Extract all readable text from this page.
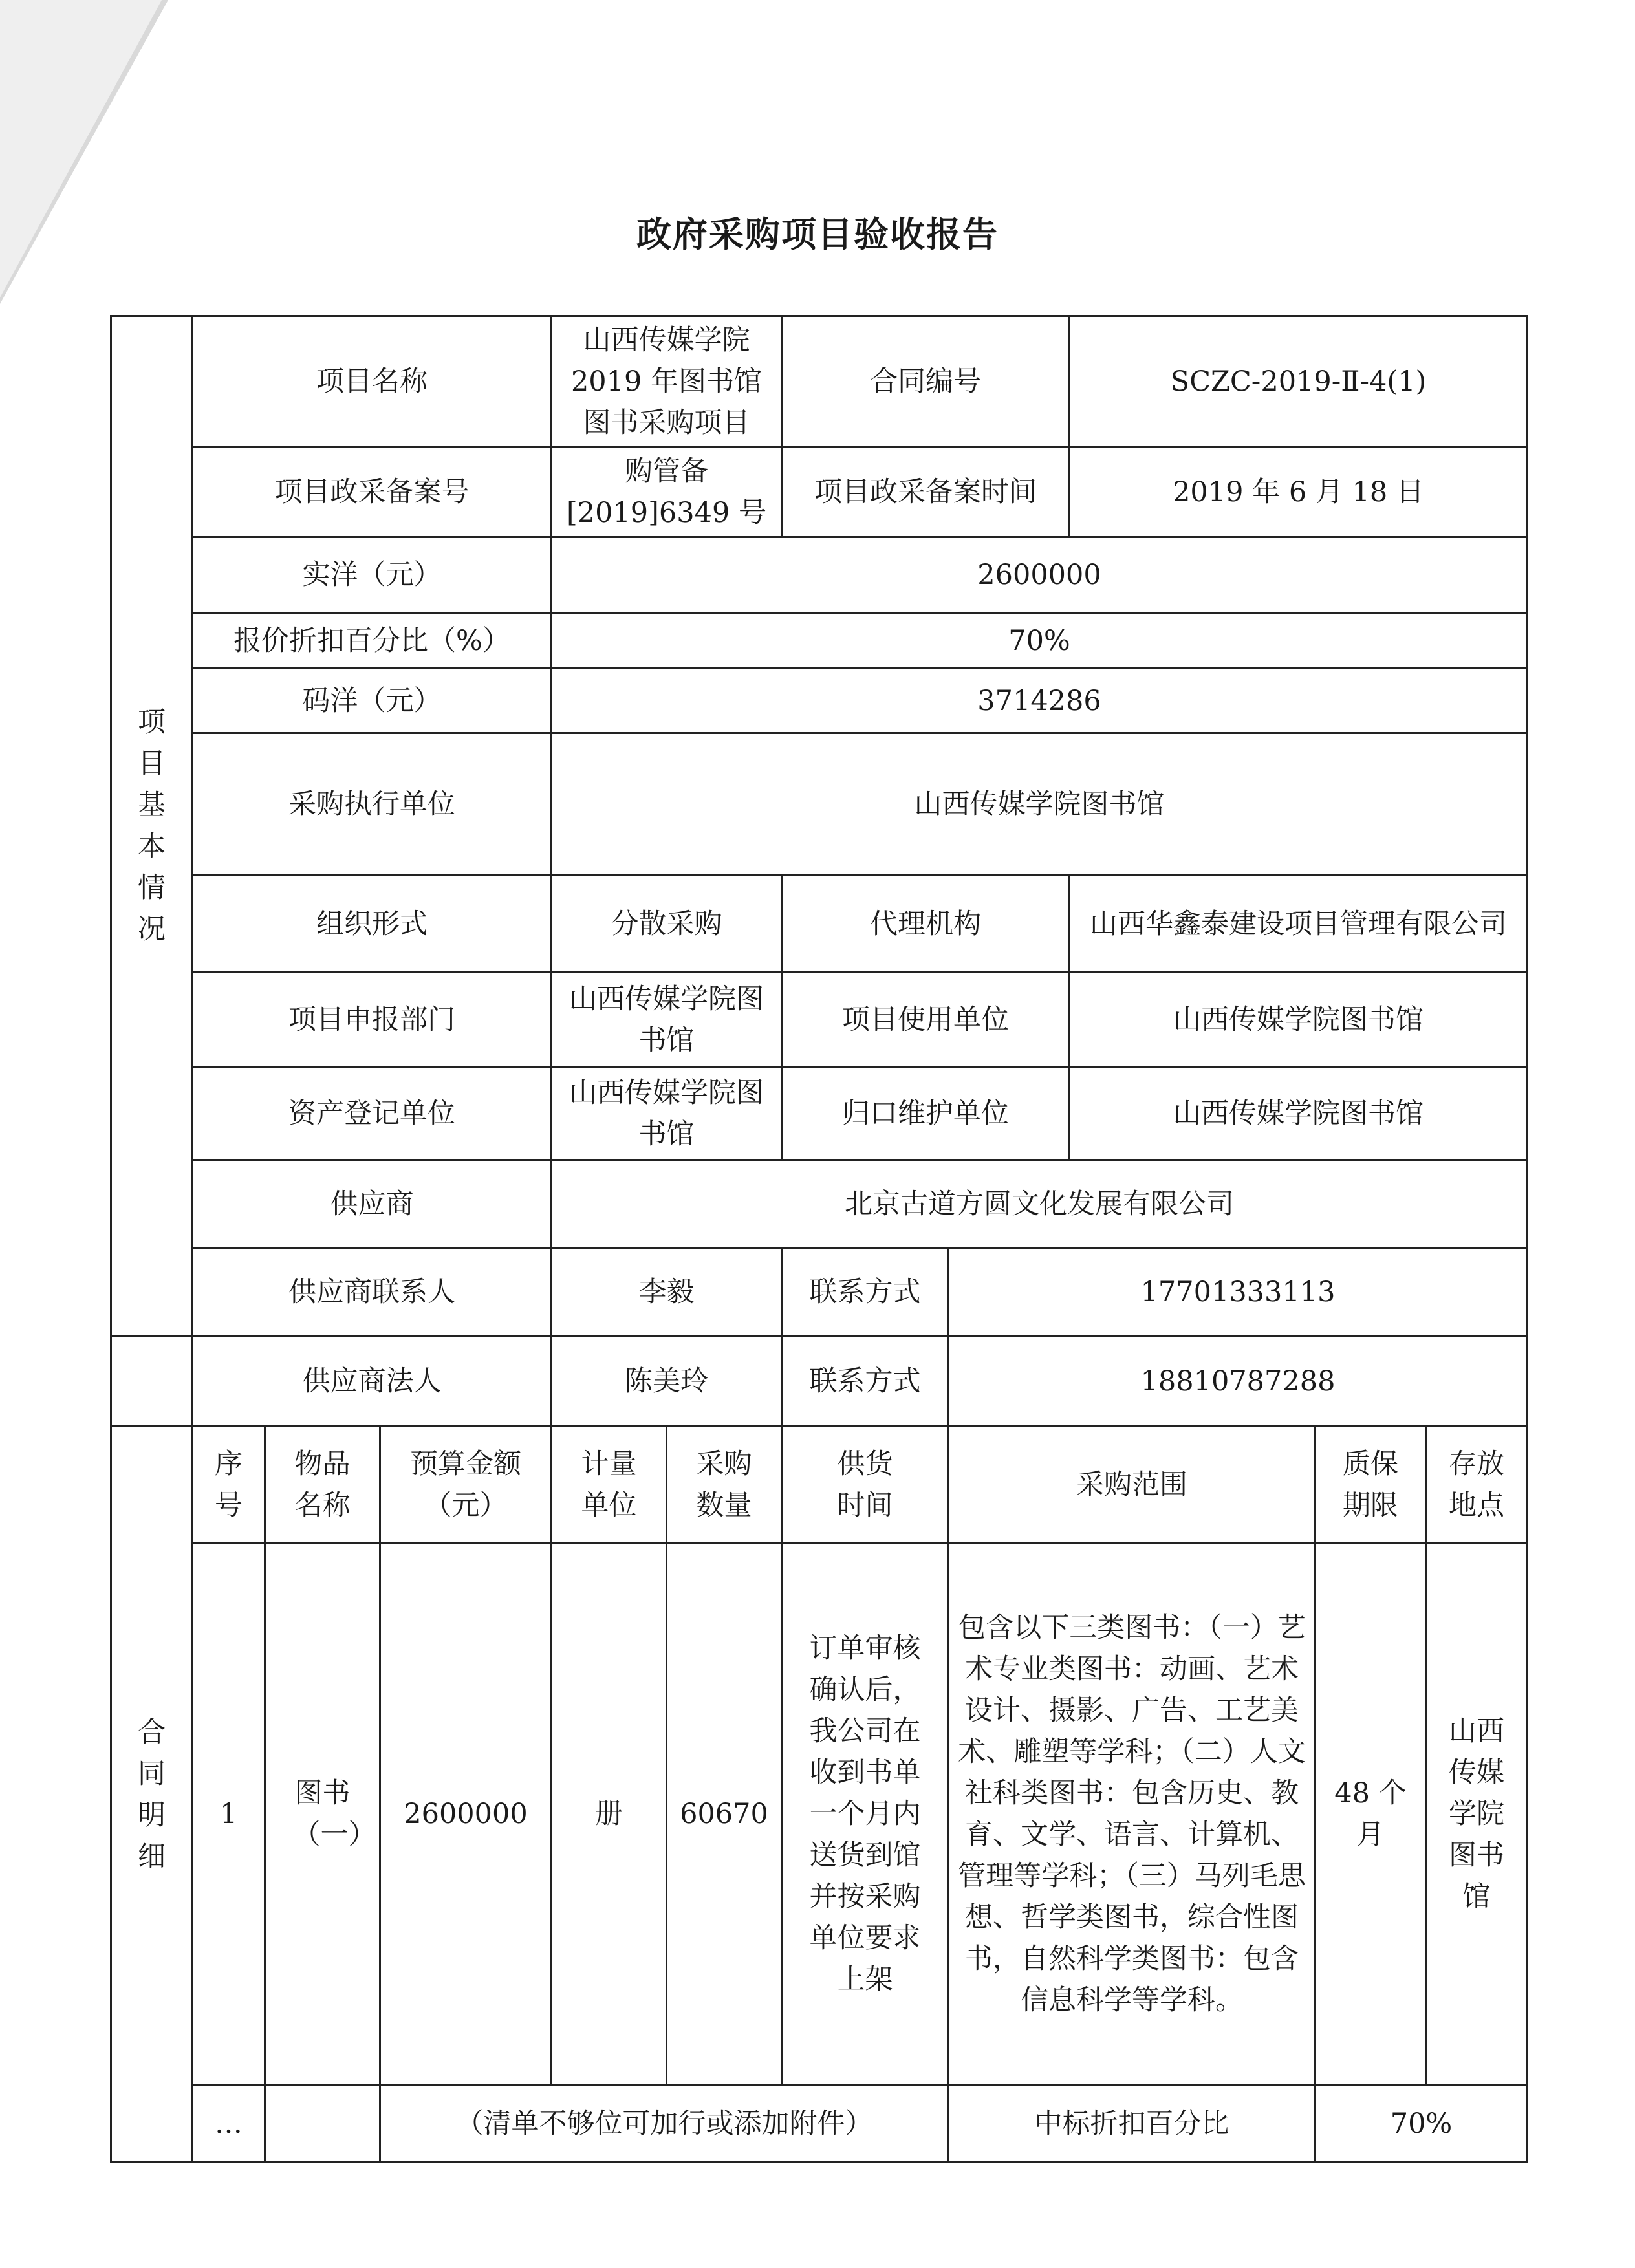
政府采购项目验收报告
项目基本情况	项目名称			山西传媒学院 2019 年图书馆图书采购项目		合同编号		SCZC-2019-Ⅱ-4(1)		
	项目政采备案号			购管备[2019]6349 号		项目政采备案时间		2019 年 6 月 18 日		
	实洋（元）			2600000						
	报价折扣百分比（%）			70%						
	码洋（元）			3714286						
	采购执行单位			山西传媒学院图书馆						
	组织形式			分散采购		代理机构		山西华鑫泰建设项目管理有限公司		
	项目申报部门			山西传媒学院图书馆		项目使用单位		山西传媒学院图书馆		
	资产登记单位			山西传媒学院图书馆		归口维护单位		山西传媒学院图书馆		
	供应商			北京古道方圆文化发展有限公司						
	供应商联系人			李毅		联系方式	17701333113			
	供应商法人			陈美玲		联系方式	18810787288			

合同明细	序号	物品名称	预算金额（元）	计量单位	采购数量	供货时间	采购范围		质保期限	存放地点

	1	图书（一）	2600000	册	60670	订单审核确认后，我公司在收到书单一个月内送货到馆并按采购单位要求上架	包含以下三类图书：（一）艺术专业类图书：动画、艺术设计、摄影、广告、工艺美术、雕塑等学科；（二）人文社科类图书：包含历史、教育、文学、语言、计算机、管理等学科；（三）马列毛思想、哲学类图书，综合性图书，自然科学类图书：包含信息科学等学科。		48 个月	山西传媒学院图书馆

	…		（清单不够位可加行或添加附件）				中标折扣百分比		70%	
